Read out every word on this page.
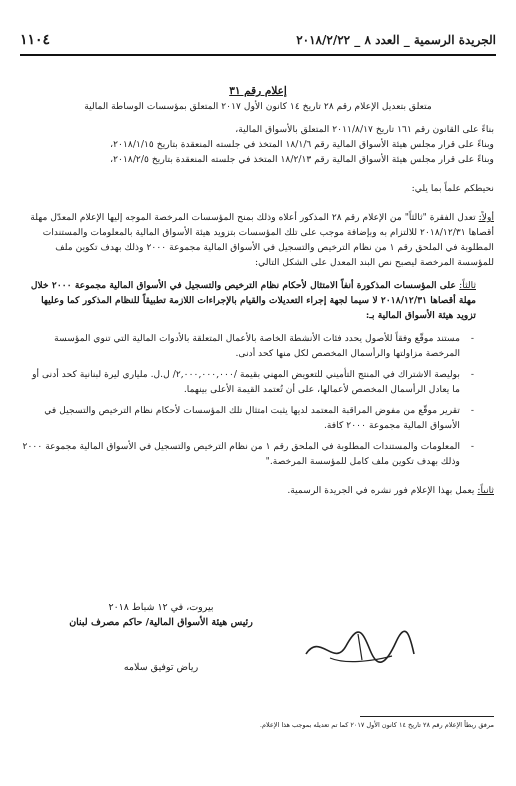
١١٠٤	الجريدة الرسمية _ العدد ٨ _ ٢٠١٨/٢/٢٢

إعلام رقم ٣١

متعلق بتعديل الإعلام رقم ٢٨ تاريخ ١٤ كانون الأول ٢٠١٧ المتعلق بمؤسسات الوساطة المالية

بناءً على القانون رقم ١٦١ تاريخ ٢٠١١/٨/١٧ المتعلق بالأسواق المالية،

وبناءً على قرار مجلس هيئة الأسواق المالية رقم ١٨/١/٦ المتخذ في جلسته المنعقدة بتاريخ ٢٠١٨/١/١٥،

وبناءً على قرار مجلس هيئة الأسواق المالية رقم ١٨/٢/١٣ المتخذ في جلسته المنعقدة بتاريخ ٢٠١٨/٢/٥،

نحيطكم علماً بما يلي:

أولاً: تعدل الفقرة "ثالثاً" من الإعلام رقم ٢٨ المذكور أعلاه وذلك بمنح المؤسسات المرخصة الموجه إليها الإعلام المعدّل مهلة أقصاها ٢٠١٨/١٢/٣١ للالتزام به وبإضافة موجب على تلك المؤسسات بتزويد هيئة الأسواق المالية بالمعلومات والمستندات المطلوبة في الملحق رقم ١ من نظام الترخيص والتسجيل في الأسواق المالية مجموعة ٢٠٠٠ وذلك بهدف تكوين ملف للمؤسسة المرخصة ليصبح نص البند المعدل على الشكل التالي:

ثالثاً: على المؤسسات المذكورة أنفاً الامتثال لأحكام نظام الترخيص والتسجيل في الأسواق المالية مجموعة ٢٠٠٠ خلال مهلة أقصاها ٢٠١٨/١٢/٣١ لا سيما لجهة إجراء التعديلات والقيام بالإجراءات اللازمة تطبيقاً للنظام المذكور كما وعليها تزويد هيئة الأسواق المالية بـ:

-
مستند موقّع وفقاً للأصول يحدد فئات الأنشطة الخاصة بالأعمال المتعلقة بالأدوات المالية التي تنوي المؤسسة المرخصة مزاولتها والرأسمال المخصص لكل منها كحد أدنى.
-
بوليصة الاشتراك في المنتج التأميني للتعويض المهني بقيمة /٢,٠٠٠,٠٠٠,٠٠٠/ ل.ل. ملياري ليرة لبنانية كحد أدنى أو ما يعادل الرأسمال المخصص لأعمالها، على أن تُعتمد القيمة الأعلى بينهما.
-
تقرير موقّع من مفوض المراقبة المعتمد لديها يثبت امتثال تلك المؤسسات لأحكام نظام الترخيص والتسجيل في الأسواق المالية مجموعة ٢٠٠٠ كافة.
-
المعلومات والمستندات المطلوبة في الملحق رقم ١ من نظام الترخيص والتسجيل في الأسواق المالية مجموعة ٢٠٠٠ وذلك بهدف تكوين ملف كامل للمؤسسة المرخصة."

ثانياً: يعمل بهذا الإعلام فور نشره في الجريدة الرسمية.

بيروت، في ١٢ شباط ٢٠١٨
رئيس هيئة الأسواق المالية/ حاكم مصرف لبنان
رياض توفيق سلامه
مرفق ربطاً الإعلام رقم ٢٨ تاريخ ١٤ كانون الأول ٢٠١٧ كما تم تعديله بموجب هذا الإعلام.
